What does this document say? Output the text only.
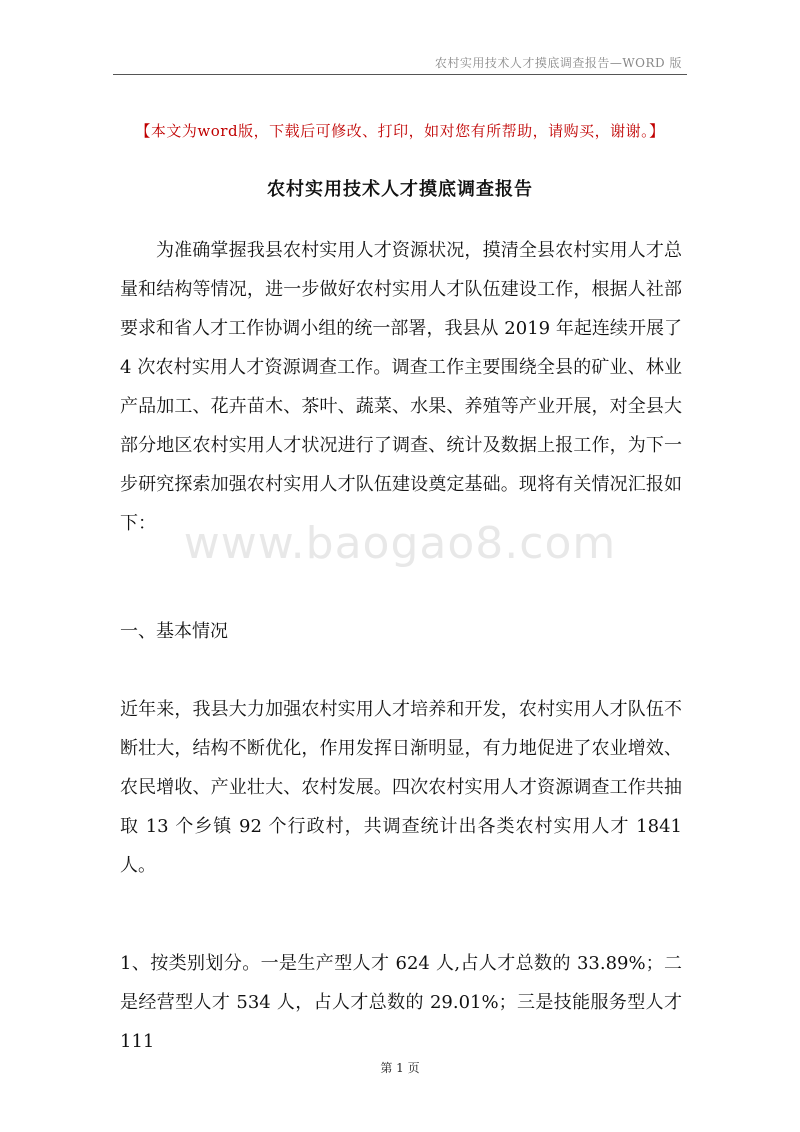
农村实用技术人才摸底调查报告—WORD 版
【本文为word版，下载后可修改、打印，如对您有所帮助，请购买，谢谢。】
农村实用技术人才摸底调查报告
为准确掌握我县农村实用人才资源状况，摸清全县农村实用人才总量和结构等情况，进一步做好农村实用人才队伍建设工作，根据人社部要求和省人才工作协调小组的统一部署，我县从 2019 年起连续开展了 4 次农村实用人才资源调查工作。调查工作主要围绕全县的矿业、林业产品加工、花卉苗木、茶叶、蔬菜、水果、养殖等产业开展，对全县大部分地区农村实用人才状况进行了调查、统计及数据上报工作，为下一步研究探索加强农村实用人才队伍建设奠定基础。现将有关情况汇报如下： www.baogao8.com
一、基本情况
近年来，我县大力加强农村实用人才培养和开发，农村实用人才队伍不断壮大，结构不断优化，作用发挥日渐明显，有力地促进了农业增效、农民增收、产业壮大、农村发展。四次农村实用人才资源调查工作共抽取 13 个乡镇 92 个行政村，共调查统计出各类农村实用人才 1841 人。
1、按类别划分。一是生产型人才 624 人,占人才总数的 33.89%；二是经营型人才 534 人，占人才总数的 29.01%；三是技能服务型人才 111
第 1 页
